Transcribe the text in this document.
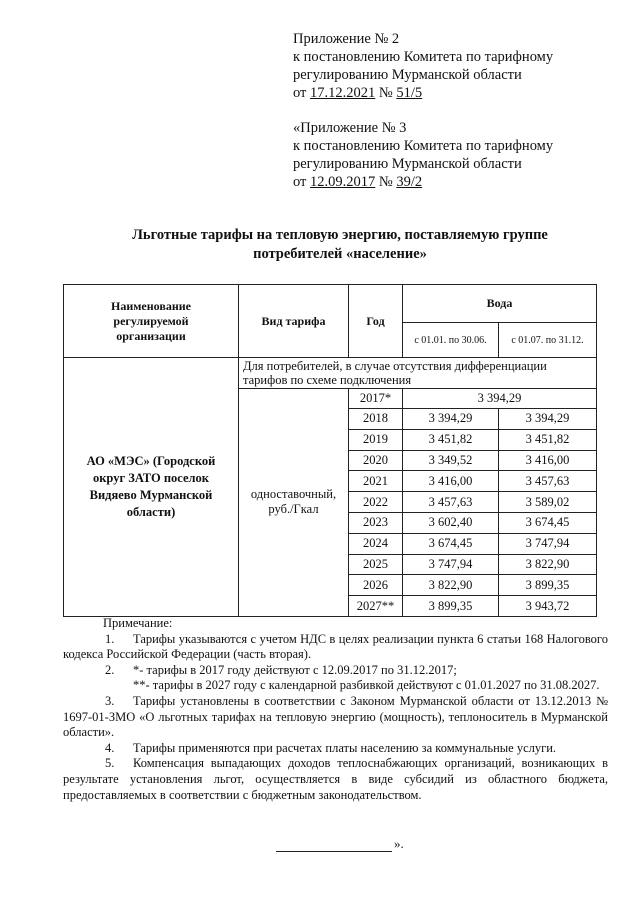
Приложение № 2
к постановлению Комитета по тарифному
регулированию Мурманской области
от 17.12.2021 № 51/5
«Приложение № 3
к постановлению Комитета по тарифному
регулированию Мурманской области
от 12.09.2017 № 39/2
Льготные тарифы на тепловую энергию, поставляемую группе
потребителей «население»
Наименование регулируемой организации	Вид тарифа	Год	Вода	
			с 01.01. по 30.06.	с 01.07. по 31.12.
АО «МЭС» (Городской округ ЗАТО поселок Видяево Мурманской области)	Для потребителей, в случае отсутствия дифференциации тарифов по схеме подключения			
	одноставочный, руб./Гкал	2017*	3 394,29	
		2018	3 394,29	3 394,29
		2019	3 451,82	3 451,82
		2020	3 349,52	3 416,00
		2021	3 416,00	3 457,63
		2022	3 457,63	3 589,02
		2023	3 602,40	3 674,45
		2024	3 674,45	3 747,94
		2025	3 747,94	3 822,90
		2026	3 822,90	3 899,35
		2027**	3 899,35	3 943,72

Примечание:

1. Тарифы указываются с учетом НДС в целях реализации пункта 6 статьи 168 Налогового кодекса Российской Федерации (часть вторая).

2. *- тарифы в 2017 году действуют с 12.09.2017 по 31.12.2017;

**- тарифы в 2027 году с календарной разбивкой действуют с 01.01.2027 по 31.08.2027.

3. Тарифы установлены в соответствии с Законом Мурманской области от 13.12.2013 № 1697-01-ЗМО «О льготных тарифах на тепловую энергию (мощность), теплоноситель в Мурманской области».

4. Тарифы применяются при расчетах платы населению за коммунальные услуги.

5. Компенсация выпадающих доходов теплоснабжающих организаций, возникающих в результате установления льгот, осуществляется в виде субсидий из областного бюджета, предоставляемых в соответствии с бюджетным законодательством.

».
